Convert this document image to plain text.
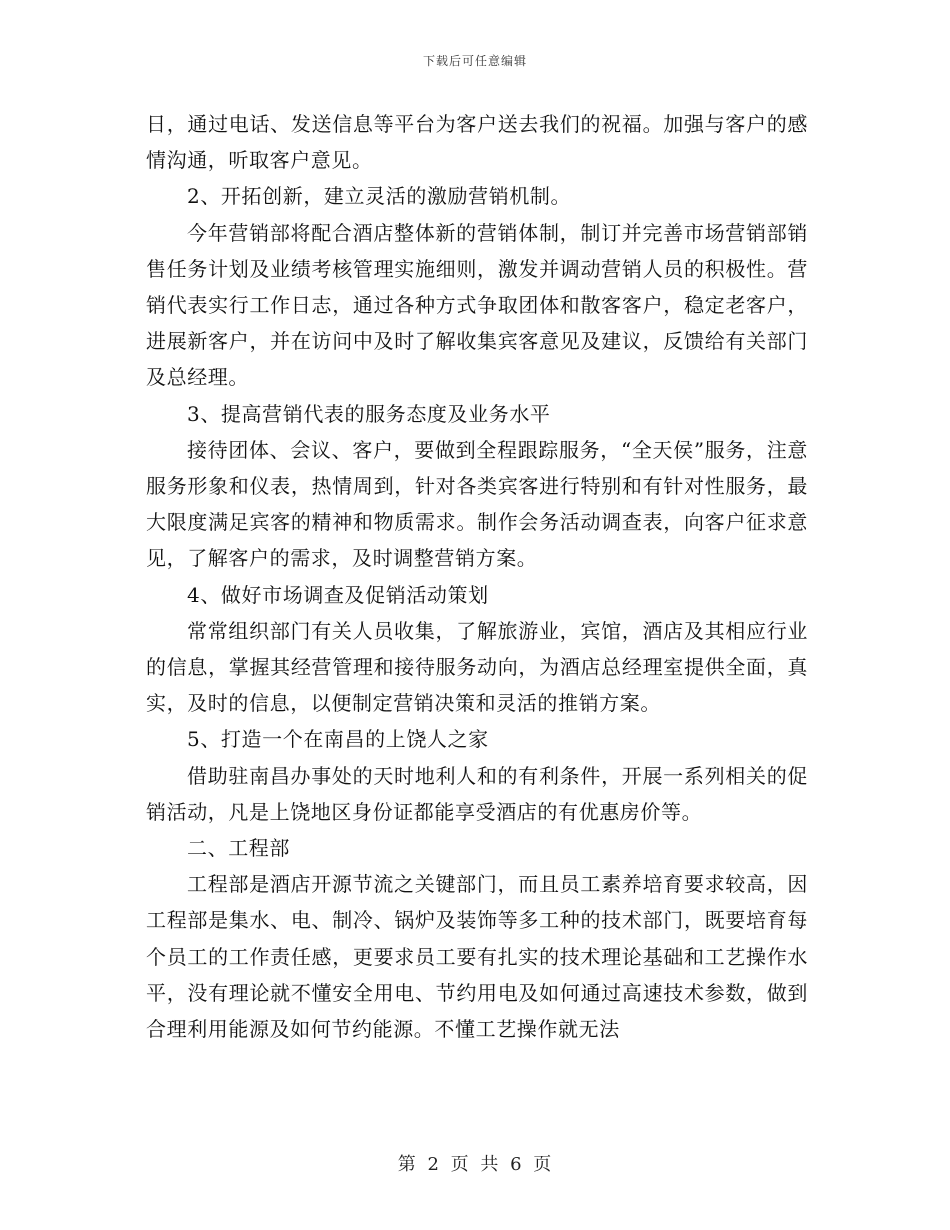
下载后可任意编辑

日，通过电话、发送信息等平台为客户送去我们的祝福。加强与客户的感情沟通，听取客户意见。

2、开拓创新，建立灵活的激励营销机制。

今年营销部将配合酒店整体新的营销体制，制订并完善市场营销部销售任务计划及业绩考核管理实施细则，激发并调动营销人员的积极性。营销代表实行工作日志，通过各种方式争取团体和散客客户，稳定老客户，进展新客户，并在访问中及时了解收集宾客意见及建议，反馈给有关部门及总经理。

3、提高营销代表的服务态度及业务水平

接待团体、会议、客户，要做到全程跟踪服务，“全天侯”服务，注意服务形象和仪表，热情周到，针对各类宾客进行特别和有针对性服务，最大限度满足宾客的精神和物质需求。制作会务活动调查表，向客户征求意见，了解客户的需求，及时调整营销方案。

4、做好市场调查及促销活动策划

常常组织部门有关人员收集，了解旅游业，宾馆，酒店及其相应行业的信息，掌握其经营管理和接待服务动向，为酒店总经理室提供全面，真实，及时的信息，以便制定营销决策和灵活的推销方案。

5、打造一个在南昌的上饶人之家

借助驻南昌办事处的天时地利人和的有利条件，开展一系列相关的促销活动，凡是上饶地区身份证都能享受酒店的有优惠房价等。

二、工程部

工程部是酒店开源节流之关键部门，而且员工素养培育要求较高，因工程部是集水、电、制冷、锅炉及装饰等多工种的技术部门，既要培育每个员工的工作责任感，更要求员工要有扎实的技术理论基础和工艺操作水平，没有理论就不懂安全用电、节约用电及如何通过高速技术参数，做到合理利用能源及如何节约能源。不懂工艺操作就无法

第 2 页 共 6 页
